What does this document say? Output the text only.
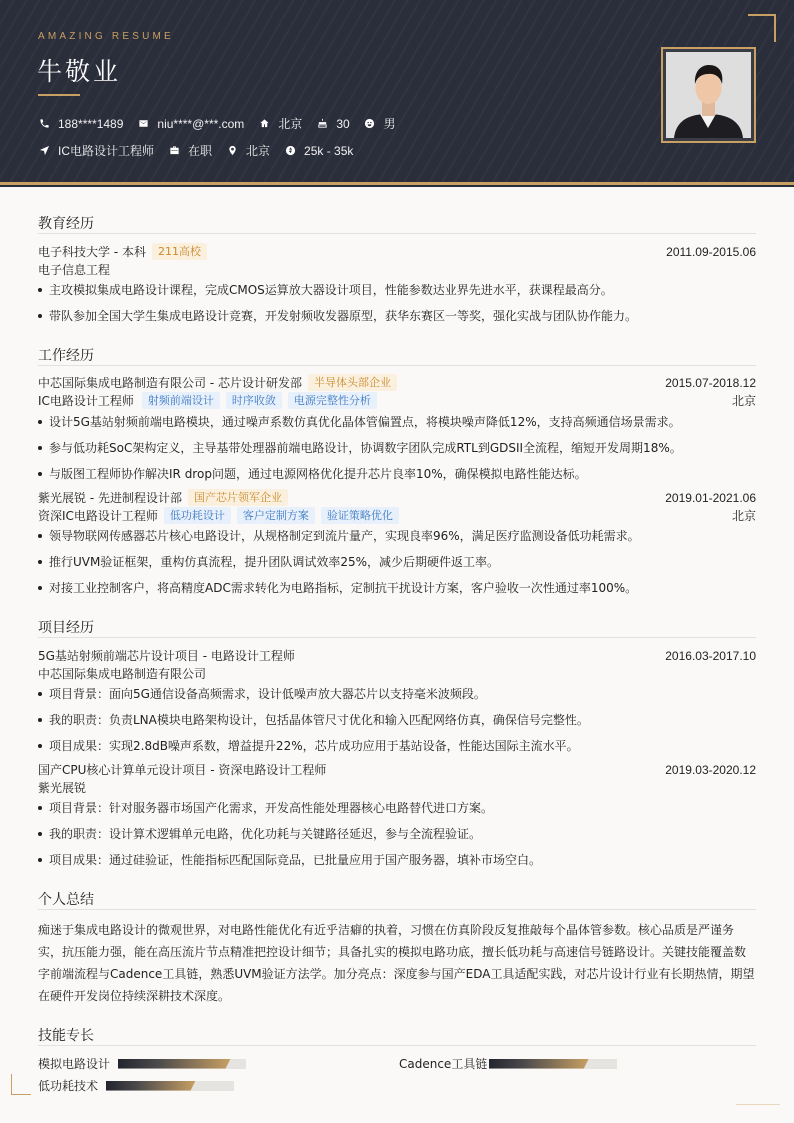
AMAZING RESUME
牛敬业
188****1489	niu****@***.com	北京	30	男
IC电路设计工程师	在职	北京	25k - 35k
教育经历
电子科技大学 - 本科	211高校	2011.09-2015.06
电子信息工程
主攻模拟集成电路设计课程，完成CMOS运算放大器设计项目，性能参数达业界先进水平，获课程最高分。
带队参加全国大学生集成电路设计竞赛，开发射频收发器原型，获华东赛区一等奖，强化实战与团队协作能力。
工作经历
中芯国际集成电路制造有限公司 - 芯片设计研发部	半导体头部企业	2015.07-2018.12
IC电路设计工程师	射频前端设计	时序收敛	电源完整性分析	北京
设计5G基站射频前端电路模块，通过噪声系数仿真优化晶体管偏置点，将模块噪声降低12%，支持高频通信场景需求。
参与低功耗SoC架构定义，主导基带处理器前端电路设计，协调数字团队完成RTL到GDSII全流程，缩短开发周期18%。
与版图工程师协作解决IR drop问题，通过电源网格优化提升芯片良率10%，确保模拟电路性能达标。
紫光展锐 - 先进制程设计部	国产芯片领军企业	2019.01-2021.06
资深IC电路设计工程师	低功耗设计	客户定制方案	验证策略优化	北京
领导物联网传感器芯片核心电路设计，从规格制定到流片量产，实现良率96%，满足医疗监测设备低功耗需求。
推行UVM验证框架，重构仿真流程，提升团队调试效率25%，减少后期硬件返工率。
对接工业控制客户，将高精度ADC需求转化为电路指标，定制抗干扰设计方案，客户验收一次性通过率100%。
项目经历
5G基站射频前端芯片设计项目 - 电路设计工程师	2016.03-2017.10
中芯国际集成电路制造有限公司
项目背景：面向5G通信设备高频需求，设计低噪声放大器芯片以支持毫米波频段。
我的职责：负责LNA模块电路架构设计，包括晶体管尺寸优化和输入匹配网络仿真，确保信号完整性。
项目成果：实现2.8dB噪声系数，增益提升22%，芯片成功应用于基站设备，性能达国际主流水平。
国产CPU核心计算单元设计项目 - 资深电路设计工程师	2019.03-2020.12
紫光展锐
项目背景：针对服务器市场国产化需求，开发高性能处理器核心电路替代进口方案。
我的职责：设计算术逻辑单元电路，优化功耗与关键路径延迟，参与全流程验证。
项目成果：通过硅验证，性能指标匹配国际竞品，已批量应用于国产服务器，填补市场空白。
个人总结
痴迷于集成电路设计的微观世界，对电路性能优化有近乎洁癖的执着，习惯在仿真阶段反复推敲每个晶体管参数。核心品质是严谨务实，抗压能力强，能在高压流片节点精准把控设计细节；具备扎实的模拟电路功底，擅长低功耗与高速信号链路设计。关键技能覆盖数字前端流程与Cadence工具链，熟悉UVM验证方法学。加分亮点：深度参与国产EDA工具适配实践，对芯片设计行业有长期热情，期望在硬件开发岗位持续深耕技术深度。
技能专长
模拟电路设计	Cadence工具链
低功耗技术
